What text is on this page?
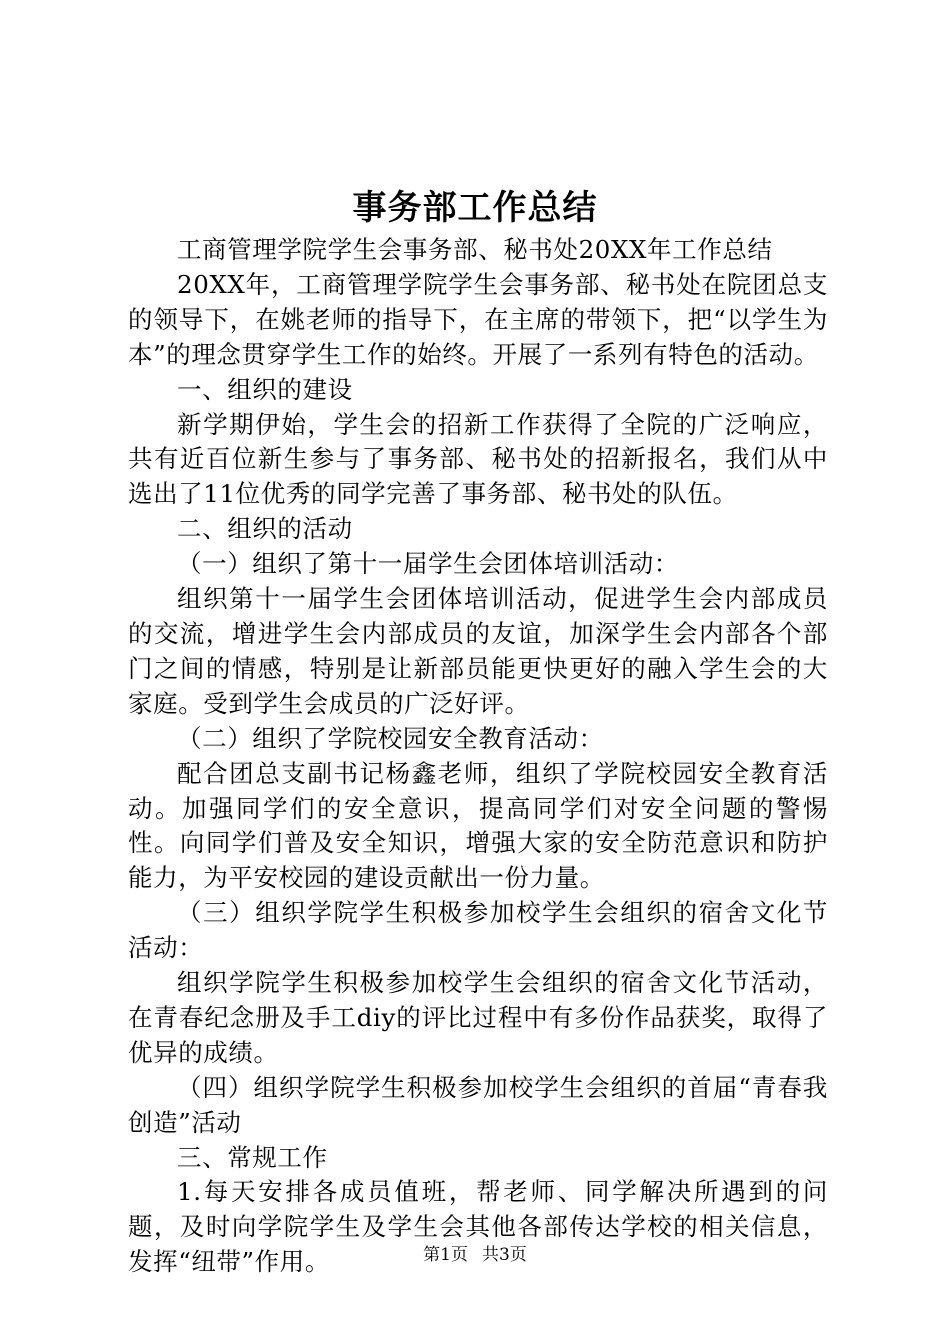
事务部工作总结

工商管理学院学生会事务部、秘书处20XX年工作总结

20XX年，工商管理学院学生会事务部、秘书处在院团总支的领导下，在姚老师的指导下，在主席的带领下，把“以学生为本”的理念贯穿学生工作的始终。开展了一系列有特色的活动。

一、组织的建设

新学期伊始，学生会的招新工作获得了全院的广泛响应，共有近百位新生参与了事务部、秘书处的招新报名，我们从中选出了11位优秀的同学完善了事务部、秘书处的队伍。

二、组织的活动

（一）组织了第十一届学生会团体培训活动：

组织第十一届学生会团体培训活动，促进学生会内部成员的交流，增进学生会内部成员的友谊，加深学生会内部各个部门之间的情感，特别是让新部员能更快更好的融入学生会的大家庭。受到学生会成员的广泛好评。

（二）组织了学院校园安全教育活动：

配合团总支副书记杨鑫老师，组织了学院校园安全教育活动。加强同学们的安全意识，提高同学们对安全问题的警惕性。向同学们普及安全知识，增强大家的安全防范意识和防护能力，为平安校园的建设贡献出一份力量。

（三）组织学院学生积极参加校学生会组织的宿舍文化节活动：

组织学院学生积极参加校学生会组织的宿舍文化节活动，在青春纪念册及手工diy的评比过程中有多份作品获奖，取得了优异的成绩。

（四）组织学院学生积极参加校学生会组织的首届“青春我创造”活动

三、常规工作

1.每天安排各成员值班，帮老师、同学解决所遇到的问题，及时向学院学生及学生会其他各部传达学校的相关信息，发挥“纽带”作用。	第1页 共3页
